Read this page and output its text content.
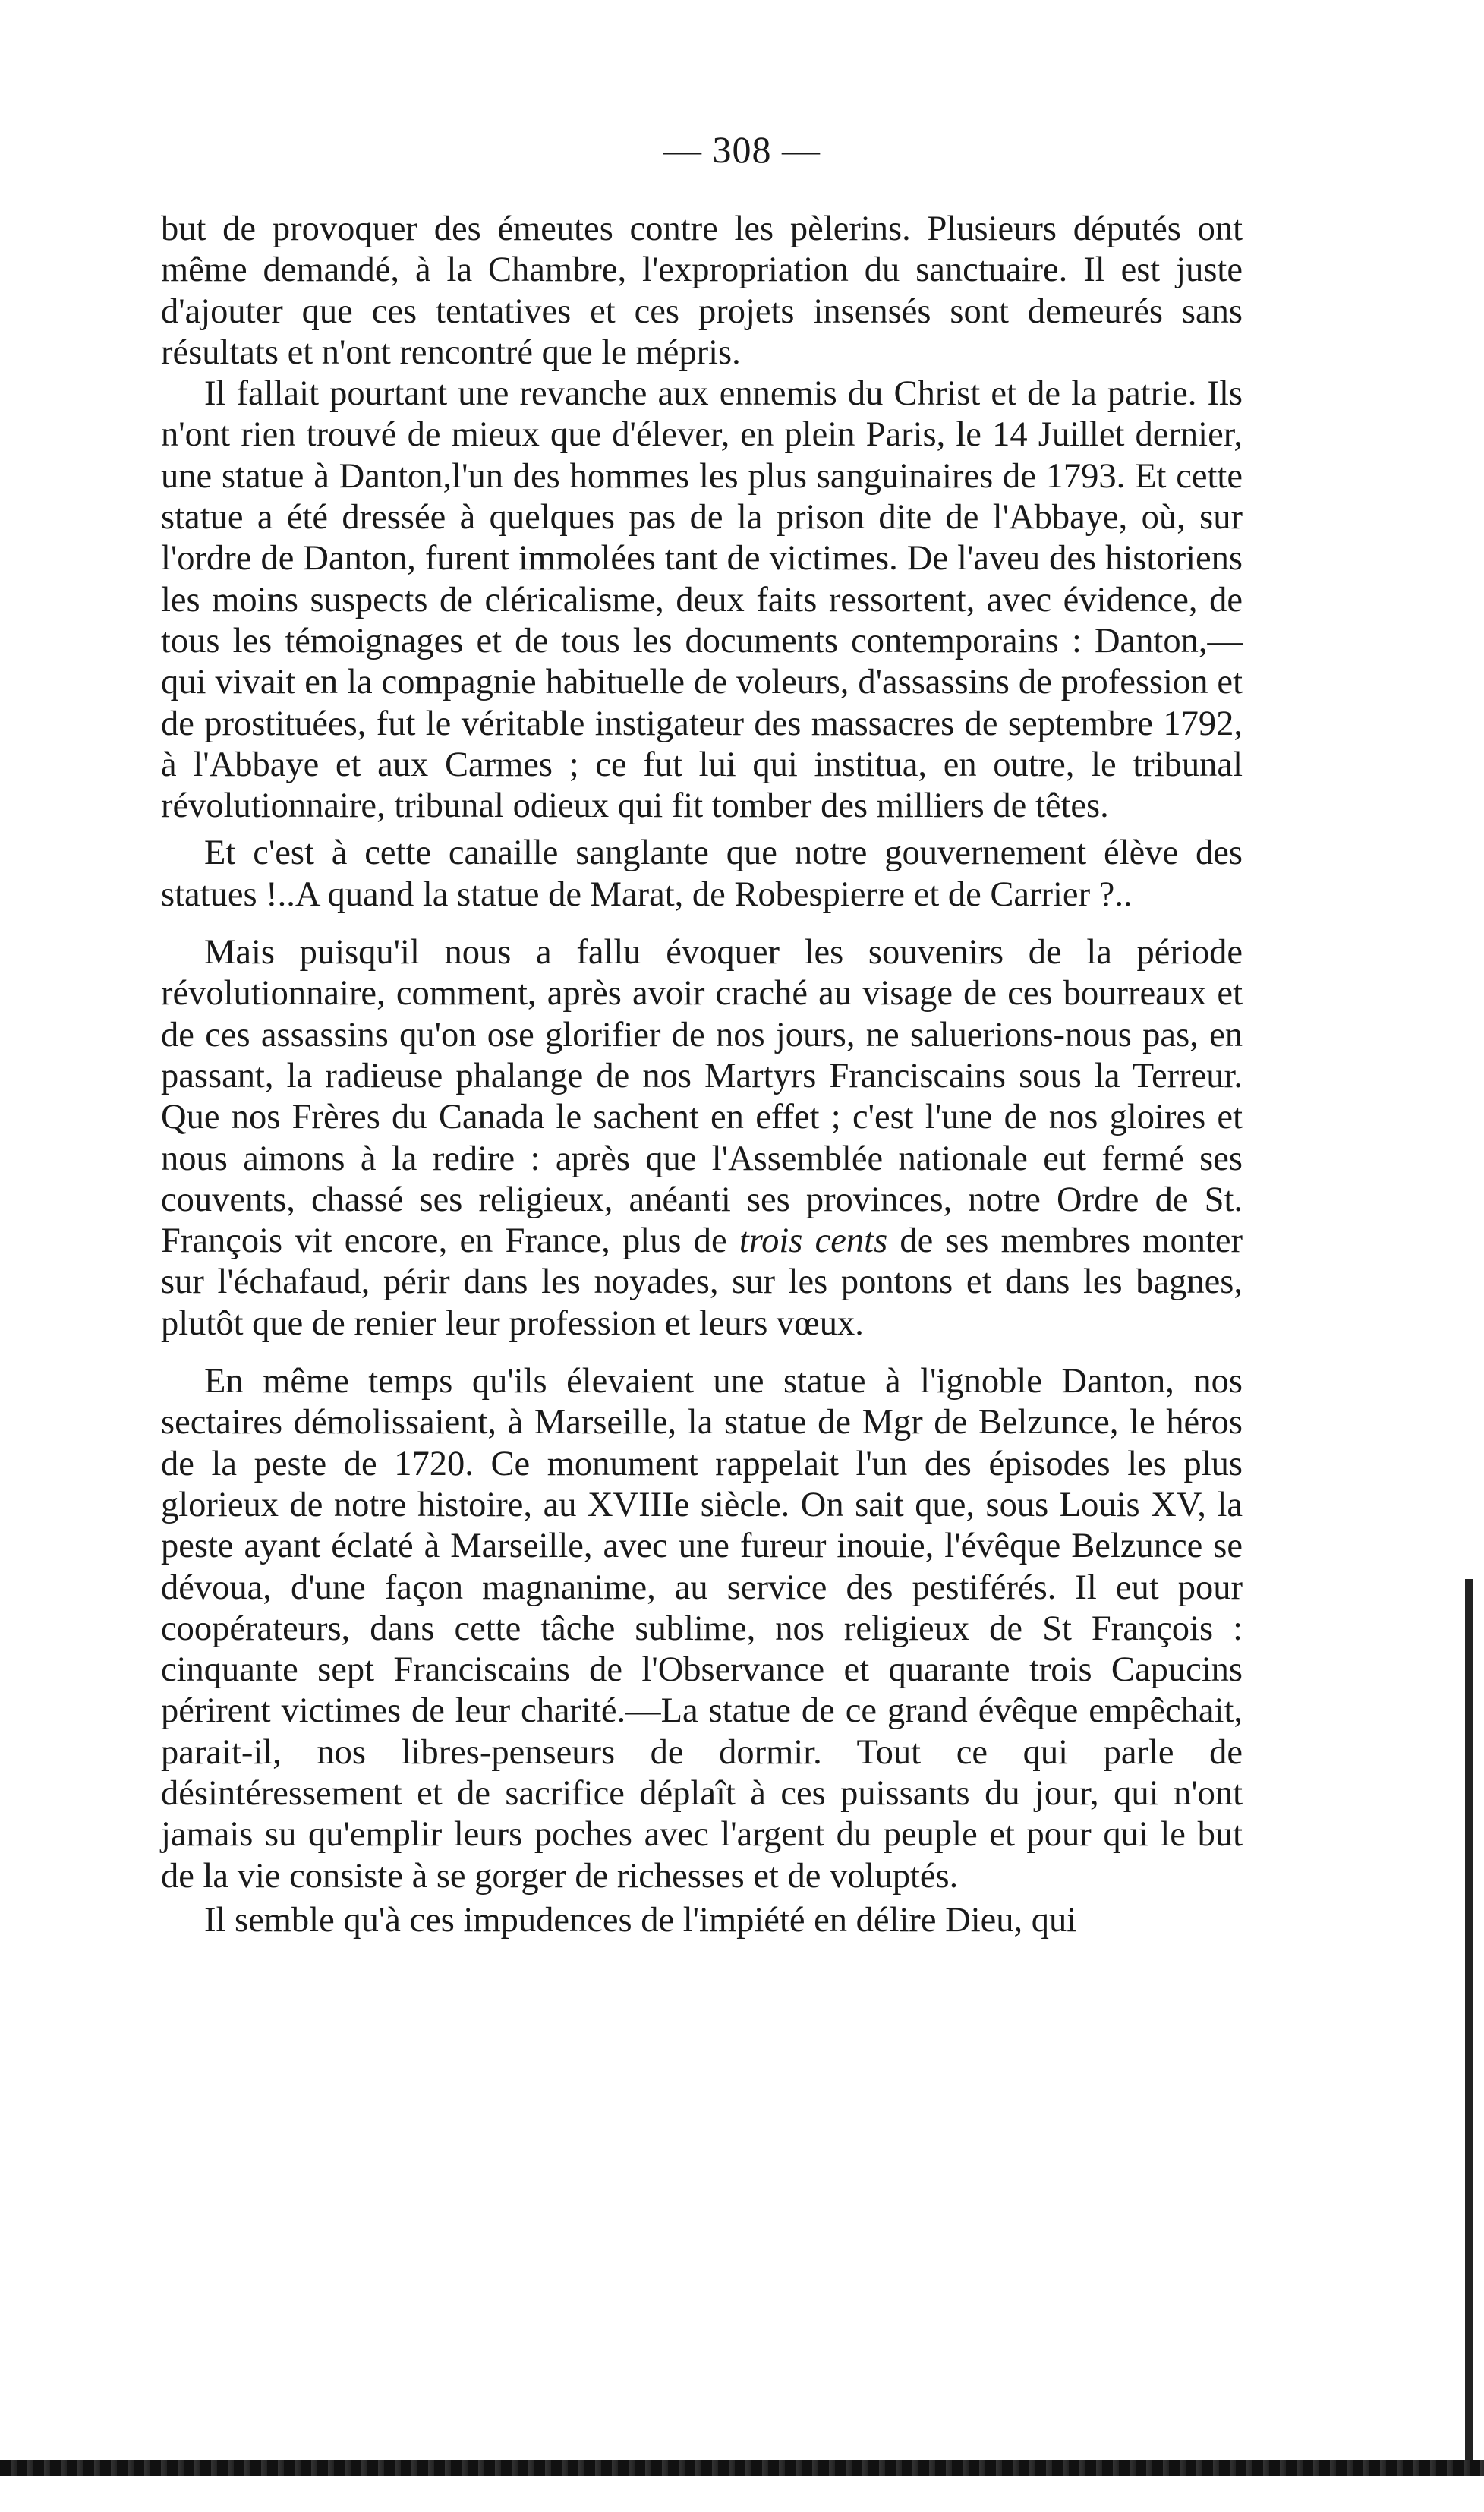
— 308 —

but de provoquer des émeutes contre les pèlerins. Plusieurs députés ont même demandé, à la Chambre, l'expropriation du sanctuaire. Il est juste d'ajouter que ces tentatives et ces projets insensés sont demeurés sans résultats et n'ont rencontré que le mépris.

Il fallait pourtant une revanche aux ennemis du Christ et de la patrie. Ils n'ont rien trouvé de mieux que d'élever, en plein Paris, le 14 Juillet dernier, une statue à Danton,l'un des hommes les plus sanguinaires de 1793. Et cette statue a été dressée à quelques pas de la prison dite de l'Abbaye, où, sur l'ordre de Danton, furent immolées tant de victimes. De l'aveu des historiens les moins suspects de cléricalisme, deux faits ressortent, avec évidence, de tous les témoignages et de tous les documents contemporains : Danton,—qui vivait en la compagnie habituelle de voleurs, d'assassins de profession et de prostituées, fut le véritable instigateur des massacres de septembre 1792, à l'Abbaye et aux Carmes ; ce fut lui qui institua, en outre, le tribunal révolutionnaire, tribunal odieux qui fit tomber des milliers de têtes.

Et c'est à cette canaille sanglante que notre gouvernement élève des statues !..A quand la statue de Marat, de Robespierre et de Carrier ?..

Mais puisqu'il nous a fallu évoquer les souvenirs de la période révolutionnaire, comment, après avoir craché au visage de ces bourreaux et de ces assassins qu'on ose glorifier de nos jours, ne saluerions-nous pas, en passant, la radieuse phalange de nos Martyrs Franciscains sous la Terreur. Que nos Frères du Canada le sachent en effet ; c'est l'une de nos gloires et nous aimons à la redire : après que l'Assemblée nationale eut fermé ses couvents, chassé ses religieux, anéanti ses provinces, notre Ordre de St. François vit encore, en France, plus de trois cents de ses membres monter sur l'échafaud, périr dans les noyades, sur les pontons et dans les bagnes, plutôt que de renier leur profession et leurs vœux.

En même temps qu'ils élevaient une statue à l'ignoble Danton, nos sectaires démolissaient, à Marseille, la statue de Mgr de Belzunce, le héros de la peste de 1720. Ce monument rappelait l'un des épisodes les plus glorieux de notre histoire, au XVIIIe siècle. On sait que, sous Louis XV, la peste ayant éclaté à Marseille, avec une fureur inouie, l'évêque Belzunce se dévoua, d'une façon magnanime, au service des pestiférés. Il eut pour coopérateurs, dans cette tâche sublime, nos religieux de St François : cinquante sept Franciscains de l'Observance et quarante trois Capucins périrent victimes de leur charité.—La statue de ce grand évêque empêchait, parait-il, nos libres-penseurs de dormir. Tout ce qui parle de désintéressement et de sacrifice déplaît à ces puissants du jour, qui n'ont jamais su qu'emplir leurs poches avec l'argent du peuple et pour qui le but de la vie consiste à se gorger de richesses et de voluptés.

Il semble qu'à ces impudences de l'impiété en délire Dieu, qui
